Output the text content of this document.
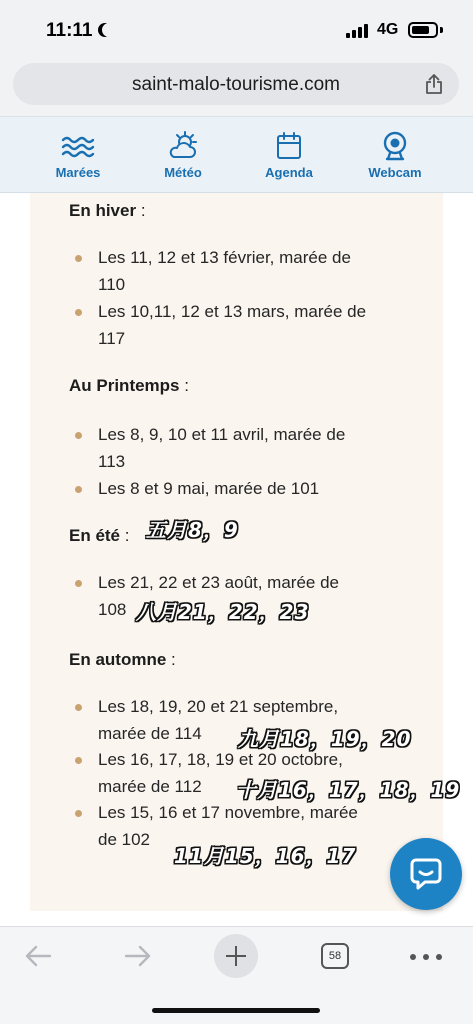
11:11	4G
saint-malo-tourisme.com
Marées	Météo	Agenda	Webcam
En hiver :
Les 11, 12 et 13 février, marée de
110
Les 10,11, 12 et 13 mars, marée de
117
Au Printemps :
Les 8, 9, 10 et 11 avril, marée de
113
Les 8 et 9 mai, marée de 101
En été : 五月8，9
Les 21, 22 et 23 août, marée de
108 八月21，22，23
En automne :
Les 18, 19, 20 et 21 septembre,
marée de 114 九月18，19，20
Les 16, 17, 18, 19 et 20 octobre,
marée de 112 十月16，17，18，19
Les 15, 16 et 17 novembre, marée
de 102
11月15，16，17
58
